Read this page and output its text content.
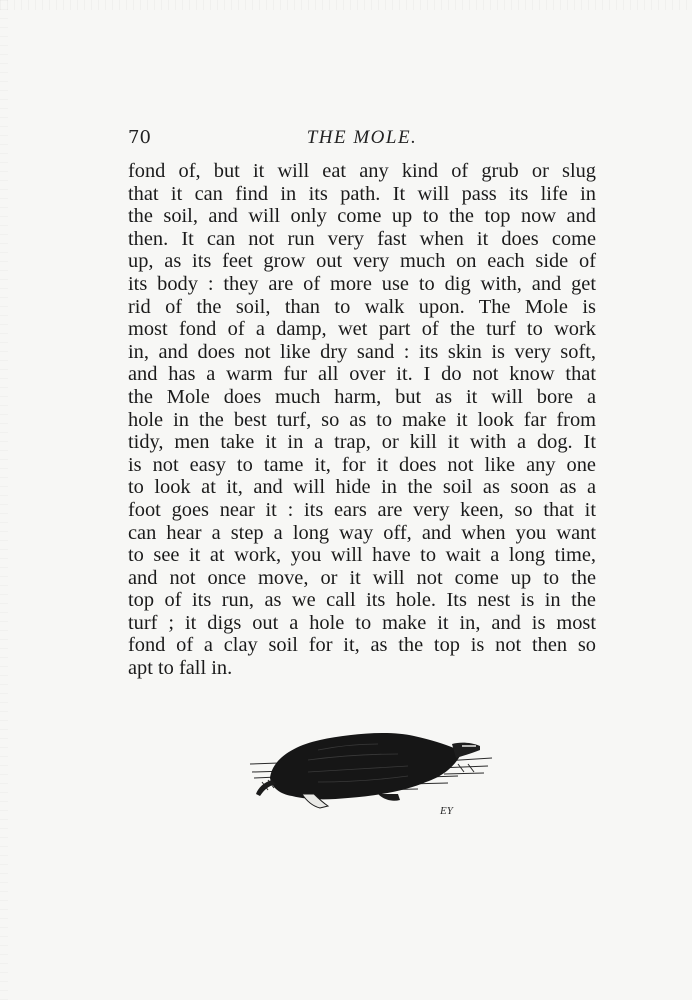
70	THE MOLE.
fond of, but it will eat any kind of grub or slug
that it can find in its path. It will pass its life in
the soil, and will only come up to the top now and
then. It can not run very fast when it does come
up, as its feet grow out very much on each side of
its body : they are of more use to dig with, and get
rid of the soil, than to walk upon. The Mole is
most fond of a damp, wet part of the turf to work
in, and does not like dry sand : its skin is very soft,
and has a warm fur all over it. I do not know that
the Mole does much harm, but as it will bore a
hole in the best turf, so as to make it look far from
tidy, men take it in a trap, or kill it with a dog. It
is not easy to tame it, for it does not like any one
to look at it, and will hide in the soil as soon as a
foot goes near it : its ears are very keen, so that it
can hear a step a long way off, and when you want
to see it at work, you will have to wait a long time,
and not once move, or it will not come up to the
top of its run, as we call its hole. Its nest is in the
turf ; it digs out a hole to make it in, and is most
fond of a clay soil for it, as the top is not then so
apt to fall in.
EY
